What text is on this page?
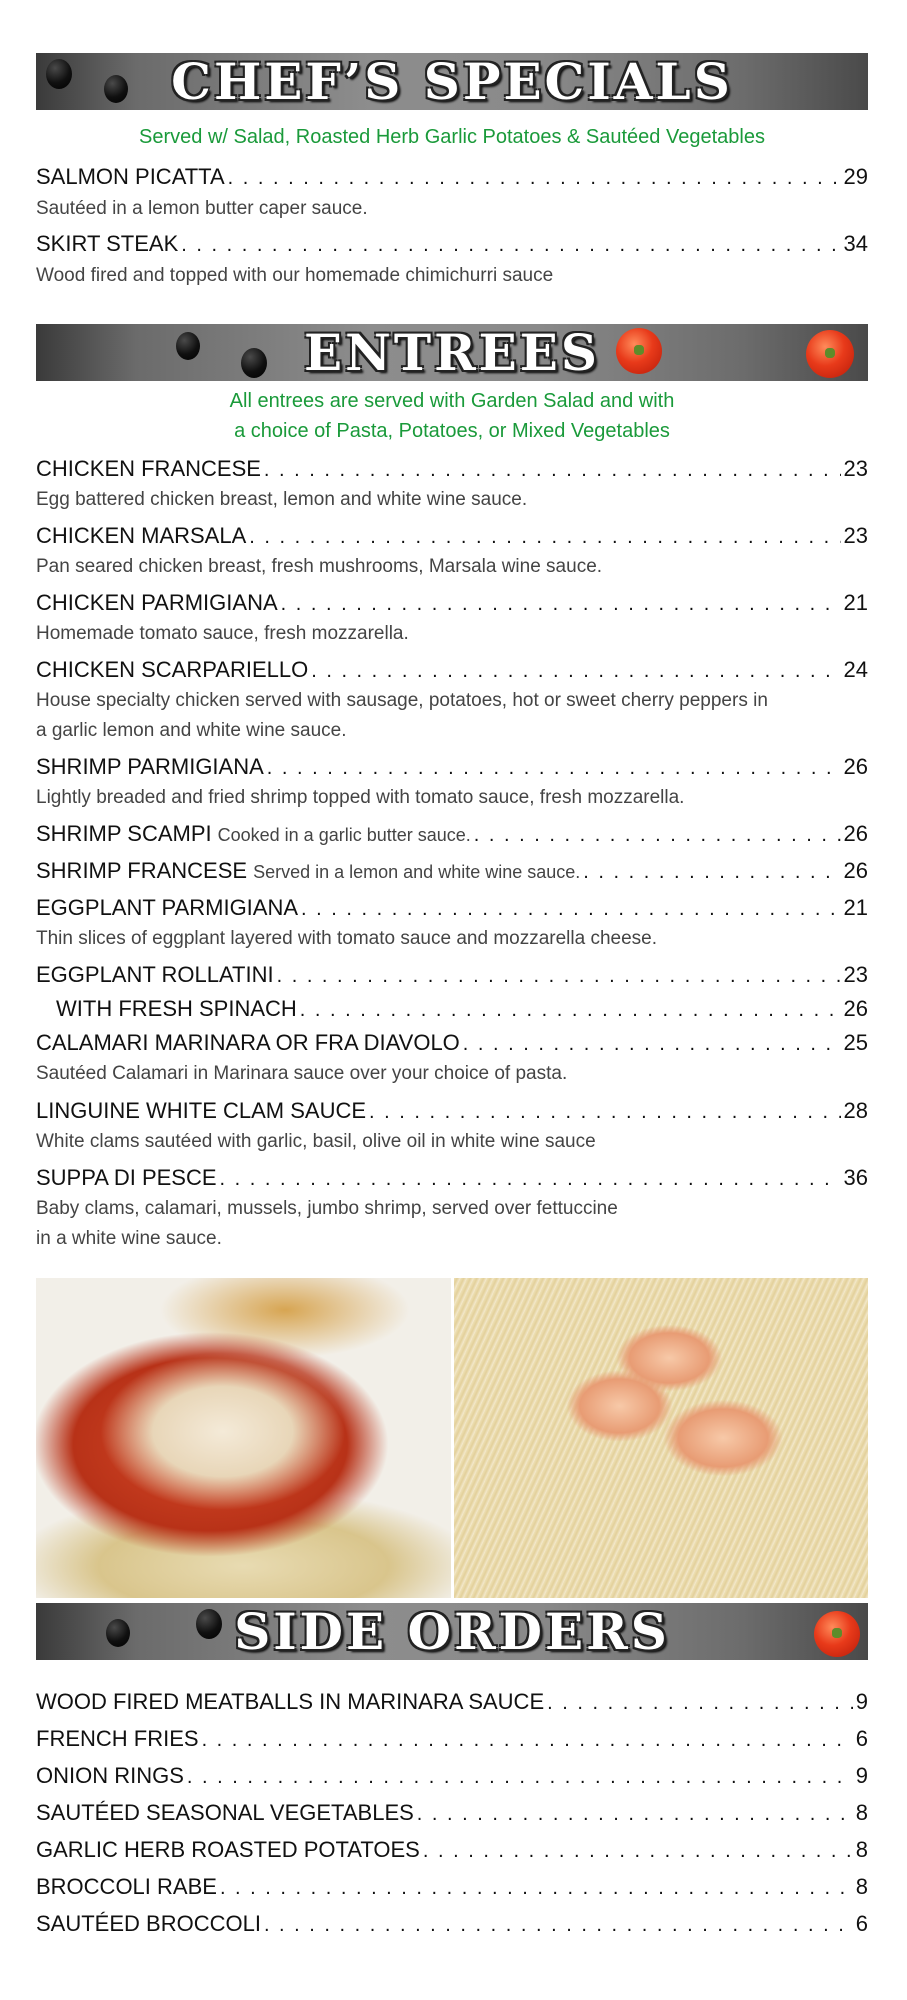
CHEF’S SPECIALS
Served w/ Salad, Roasted Herb Garlic Potatoes & Sautéed Vegetables
SALMON PICATTA . . .	29
Sautéed in a lemon butter caper sauce.
SKIRT STEAK . . .	34
Wood fired and topped with our homemade chimichurri sauce
ENTREES
All entrees are served with Garden Salad and with
a choice of Pasta, Potatoes, or Mixed Vegetables
CHICKEN FRANCESE . . .	23
Egg battered chicken breast, lemon and white wine sauce.
CHICKEN MARSALA . . .	23
Pan seared chicken breast, fresh mushrooms, Marsala wine sauce.
CHICKEN PARMIGIANA . . .	21
Homemade tomato sauce, fresh mozzarella.
CHICKEN SCARPARIELLO . . .	24
House specialty chicken served with sausage, potatoes, hot or sweet cherry peppers in
a garlic lemon and white wine sauce.
SHRIMP PARMIGIANA . . .	26
Lightly breaded and fried shrimp topped with tomato sauce, fresh mozzarella.
SHRIMP SCAMPI Cooked in a garlic butter sauce. . . .	26
SHRIMP FRANCESE Served in a lemon and white wine sauce. . . .	26
EGGPLANT PARMIGIANA . . .	21
Thin slices of eggplant layered with tomato sauce and mozzarella cheese.
EGGPLANT ROLLATINI . . .	23
WITH FRESH SPINACH . . .	26
CALAMARI MARINARA OR FRA DIAVOLO . . .	25
Sautéed Calamari in Marinara sauce over your choice of pasta.
LINGUINE WHITE CLAM SAUCE . . .	28
White clams sautéed with garlic, basil, olive oil in white wine sauce
SUPPA DI PESCE . . .	36
Baby clams, calamari, mussels, jumbo shrimp, served over fettuccine
in a white wine sauce.
SIDE ORDERS
WOOD FIRED MEATBALLS IN MARINARA SAUCE . . .	9
FRENCH FRIES . . .	6
ONION RINGS . . .	9
SAUTÉED SEASONAL VEGETABLES . . .	8
GARLIC HERB ROASTED POTATOES . . .	8
BROCCOLI RABE . . .	8
SAUTÉED BROCCOLI . . .	6
